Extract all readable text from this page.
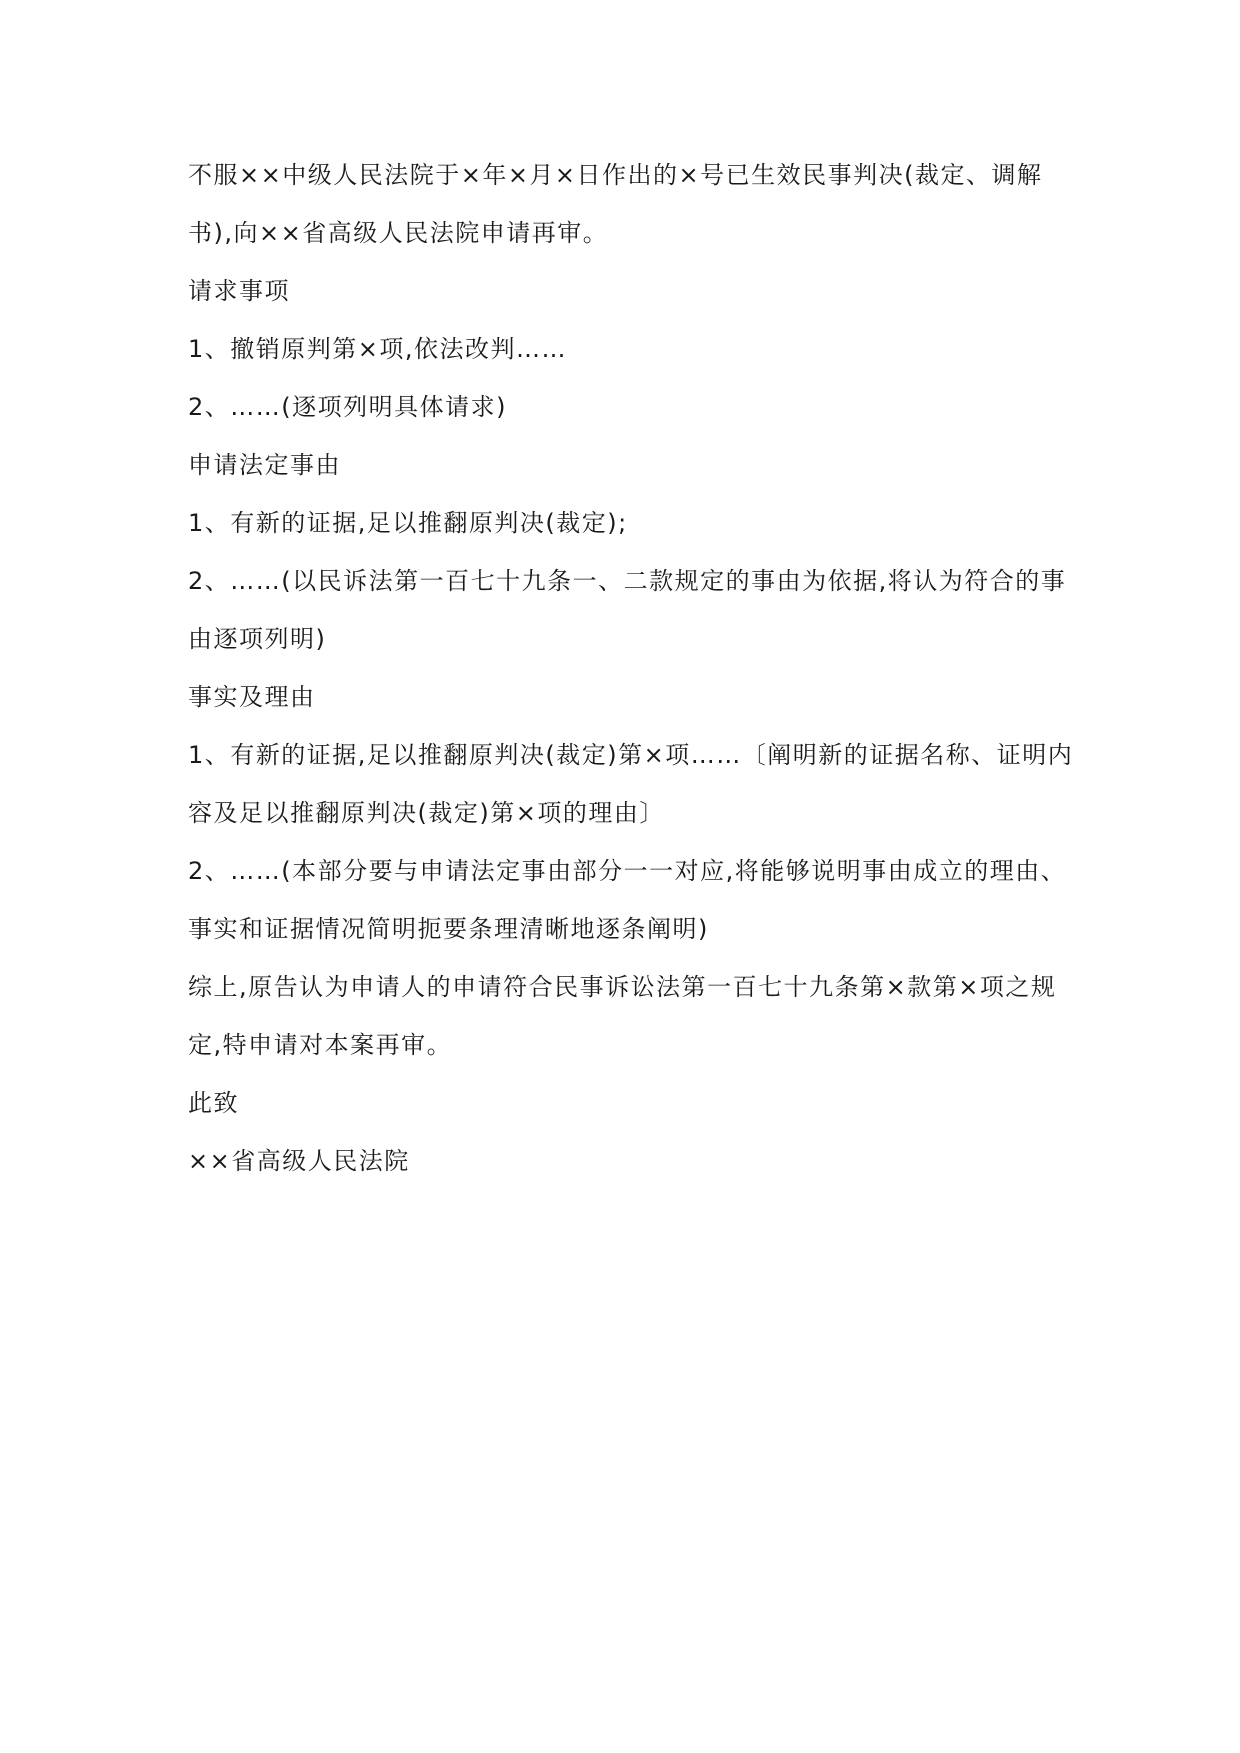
不服××中级人民法院于×年×月×日作出的×号已生效民事判决(裁定、调解
书),向××省高级人民法院申请再审。
请求事项
1、撤销原判第×项,依法改判……
2、……(逐项列明具体请求)
申请法定事由
1、有新的证据,足以推翻原判决(裁定);
2、……(以民诉法第一百七十九条一、二款规定的事由为依据,将认为符合的事
由逐项列明)
事实及理由
1、有新的证据,足以推翻原判决(裁定)第×项……〔阐明新的证据名称、证明内
容及足以推翻原判决(裁定)第×项的理由〕
2、……(本部分要与申请法定事由部分一一对应,将能够说明事由成立的理由、
事实和证据情况简明扼要条理清晰地逐条阐明)
综上,原告认为申请人的申请符合民事诉讼法第一百七十九条第×款第×项之规
定,特申请对本案再审。
此致
××省高级人民法院
